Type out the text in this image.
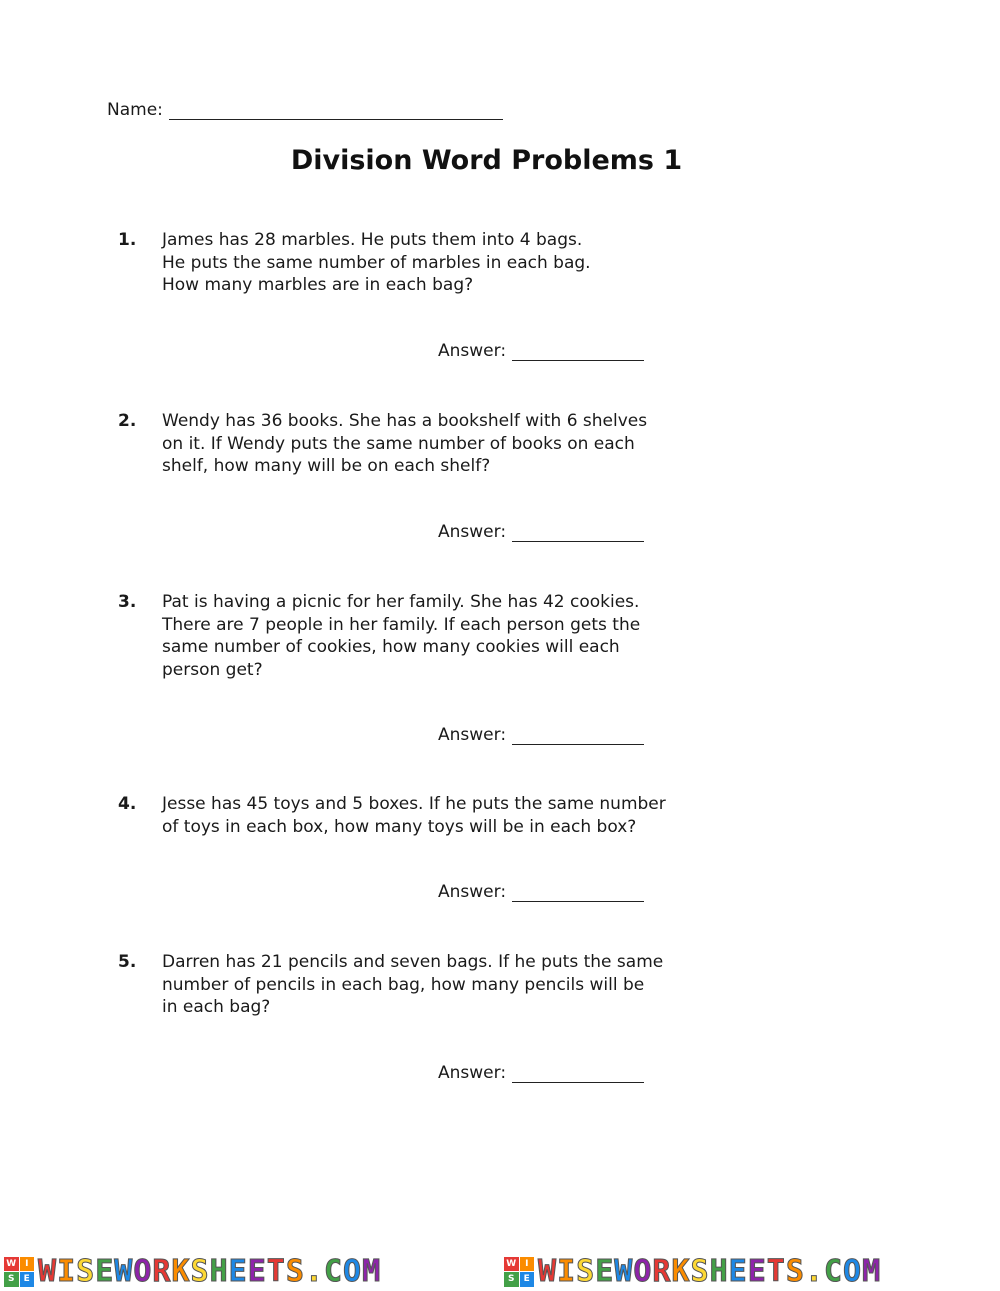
Name:
Division Word Problems 1
1. James has 28 marbles. He puts them into 4 bags.
He puts the same number of marbles in each bag.
How many marbles are in each bag?
Answer:
2. Wendy has 36 books. She has a bookshelf with 6 shelves
on it. If Wendy puts the same number of books on each
shelf, how many will be on each shelf?
Answer:
3. Pat is having a picnic for her family. She has 42 cookies.
There are 7 people in her family. If each person gets the
same number of cookies, how many cookies will each
person get?
Answer:
4. Jesse has 45 toys and 5 boxes. If he puts the same number
of toys in each box, how many toys will be in each box?
Answer:
5. Darren has 21 pencils and seven bags. If he puts the same
number of pencils in each bag, how many pencils will be
in each bag?
Answer:
W I
S	E WISEWORKSHEETS.COM	W I
S	E WISEWORKSHEETS.COM
